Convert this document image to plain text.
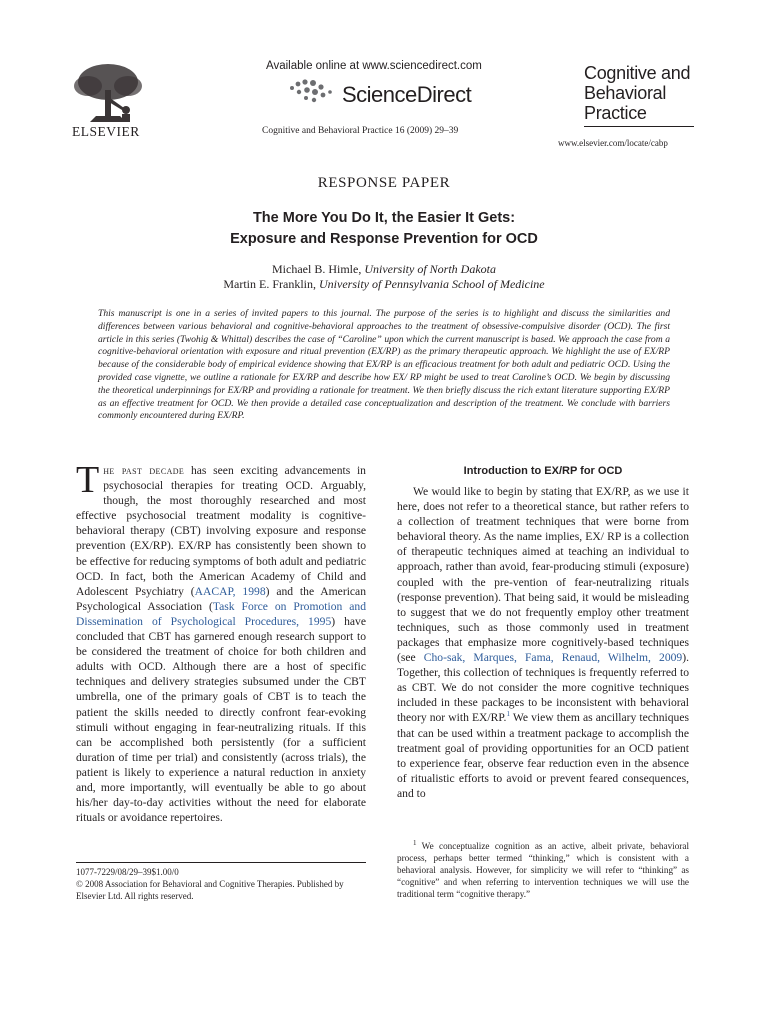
ELSEVIER
Available online at www.sciencedirect.com
ScienceDirect
Cognitive and Behavioral Practice 16 (2009) 29–39
Cognitive and
Behavioral
Practice
www.elsevier.com/locate/cabp
RESPONSE PAPER
The More You Do It, the Easier It Gets:
Exposure and Response Prevention for OCD
Michael B. Himle, University of North Dakota
Martin E. Franklin, University of Pennsylvania School of Medicine
This manuscript is one in a series of invited papers to this journal. The purpose of the series is to highlight and discuss the similarities and differences between various behavioral and cognitive-behavioral approaches to the treatment of obsessive-compulsive disorder (OCD). The first article in this series (Twohig & Whittal) describes the case of “Caroline” upon which the current manuscript is based. We approach the case from a cognitive-behavioral orientation with exposure and ritual prevention (EX/RP) as the primary therapeutic approach. We highlight the use of EX/RP because of the considerable body of empirical evidence showing that EX/RP is an efficacious treatment for both adult and pediatric OCD. Using the provided case vignette, we outline a rationale for EX/RP and describe how EX/ RP might be used to treat Caroline’s OCD. We begin by discussing the theoretical underpinnings for EX/RP and providing a rationale for treatment. We then briefly discuss the rich extant literature supporting EX/RP as an effective treatment for OCD. We then provide a detailed case conceptualization and description of the treatment. We conclude with barriers commonly encountered during EX/RP.
The past decade has seen exciting advancements in psychosocial therapies for treating OCD. Arguably, though, the most thoroughly researched and most effective psychosocial treatment modality is cognitive-behavioral therapy (CBT) involving exposure and response prevention (EX/RP). EX/RP has consistently been shown to be effective for reducing symptoms of both adult and pediatric OCD. In fact, both the American Academy of Child and Adolescent Psychiatry (AACAP, 1998) and the American Psychological Association (Task Force on Promotion and Dissemination of Psychological Procedures, 1995) have concluded that CBT has garnered enough research support to be considered the treatment of choice for both children and adults with OCD. Although there are a host of specific techniques and delivery strategies subsumed under the CBT umbrella, one of the primary goals of CBT is to teach the patient the skills needed to directly confront fear-evoking stimuli without engaging in fear-neutralizing rituals. If this can be accomplished both persistently (for a sufficient duration of time per trial) and consistently (across trials), the patient is likely to experience a natural reduction in anxiety and, more importantly, will eventually be able to go about his/her day-to-day activities without the need for elaborate rituals or avoidance repertoires.
1077-7229/08/29–39$1.00/0
© 2008 Association for Behavioral and Cognitive Therapies. Published by Elsevier Ltd. All rights reserved.
Introduction to EX/RP for OCD
We would like to begin by stating that EX/RP, as we use it here, does not refer to a theoretical stance, but rather refers to a collection of treatment techniques that were borne from behavioral theory. As the name implies, EX/ RP is a collection of therapeutic techniques aimed at teaching an individual to approach, rather than avoid, fear-producing stimuli (exposure) coupled with the pre-vention of fear-neutralizing rituals (response prevention). That being said, it would be misleading to suggest that we do not frequently employ other treatment techniques, such as those commonly used in treatment packages that emphasize more cognitively-based techniques (see Cho-sak, Marques, Fama, Renaud, Wilhelm, 2009). Together, this collection of techniques is frequently referred to as CBT. We do not consider the more cognitive techniques included in these packages to be inconsistent with behavioral theory nor with EX/RP.$^1$ We view them as ancillary techniques that can be used within a treatment package to accomplish the treatment goal of providing opportunities for an OCD patient to experience fear, observe fear reduction even in the absence of ritualistic efforts to avoid or prevent feared consequences, and to
$^1$ We conceptualize cognition as an active, albeit private, behavioral process, perhaps better termed “thinking,” which is consistent with a behavioral analysis. However, for simplicity we will refer to “thinking” as “cognitive” and when referring to intervention techniques we will use the traditional term “cognitive therapy.”
